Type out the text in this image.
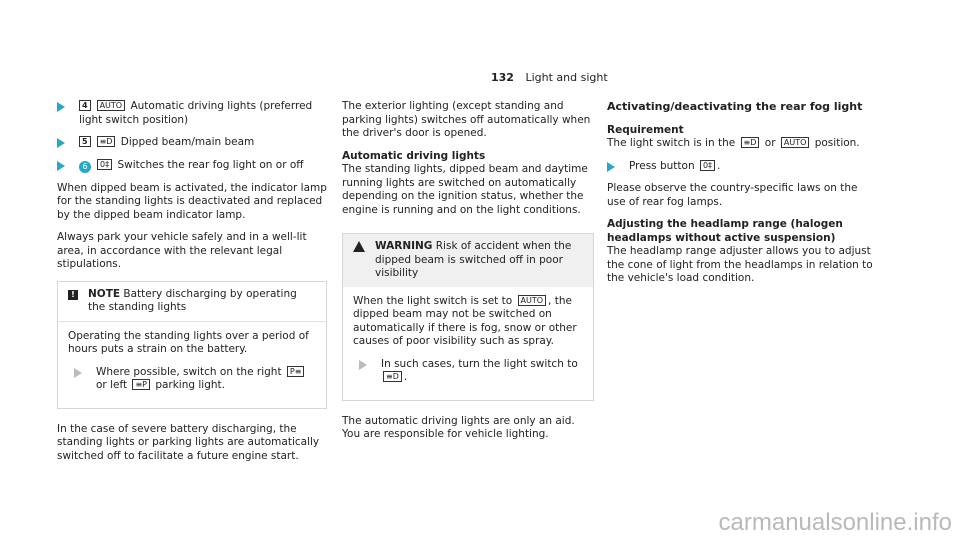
132 Light and sight
4 AUTO Automatic driving lights (preferred light switch position)
5 ≡D Dipped beam/main beam
6 0‡ Switches the rear fog light on or off

When dipped beam is activated, the indicator lamp for the standing lights is deactivated and replaced by the dipped beam indicator lamp.

Always park your vehicle safely and in a well-lit area, in accordance with the relevant legal stipulations.

!	NOTE Battery discharging by operating the standing lights

Operating the standing lights over a period of hours puts a strain on the battery.

Where possible, switch on the right P≡ or left ≡P parking light.

In the case of severe battery discharging, the standing lights or parking lights are automatically switched off to facilitate a future engine start.

The exterior lighting (except standing and parking lights) switches off automatically when the driver's door is opened.

Automatic driving lights

The standing lights, dipped beam and daytime running lights are switched on automatically depending on the ignition status, whether the engine is running and on the light conditions.

WARNING Risk of accident when the dipped beam is switched off in poor visibility

When the light switch is set to AUTO , the dipped beam may not be switched on automatically if there is fog, snow or other causes of poor visibility such as spray.

In such cases, turn the light switch to ≡D .

The automatic driving lights are only an aid. You are responsible for vehicle lighting.

Activating/deactivating the rear fog light
Requirement

The light switch is in the ≡D or AUTO position.

Press button 0‡ .

Please observe the country-specific laws on the use of rear fog lamps.

Adjusting the headlamp range (halogen headlamps without active suspension)

The headlamp range adjuster allows you to adjust the cone of light from the headlamps in relation to the vehicle's load condition.

carmanualsonline.info
